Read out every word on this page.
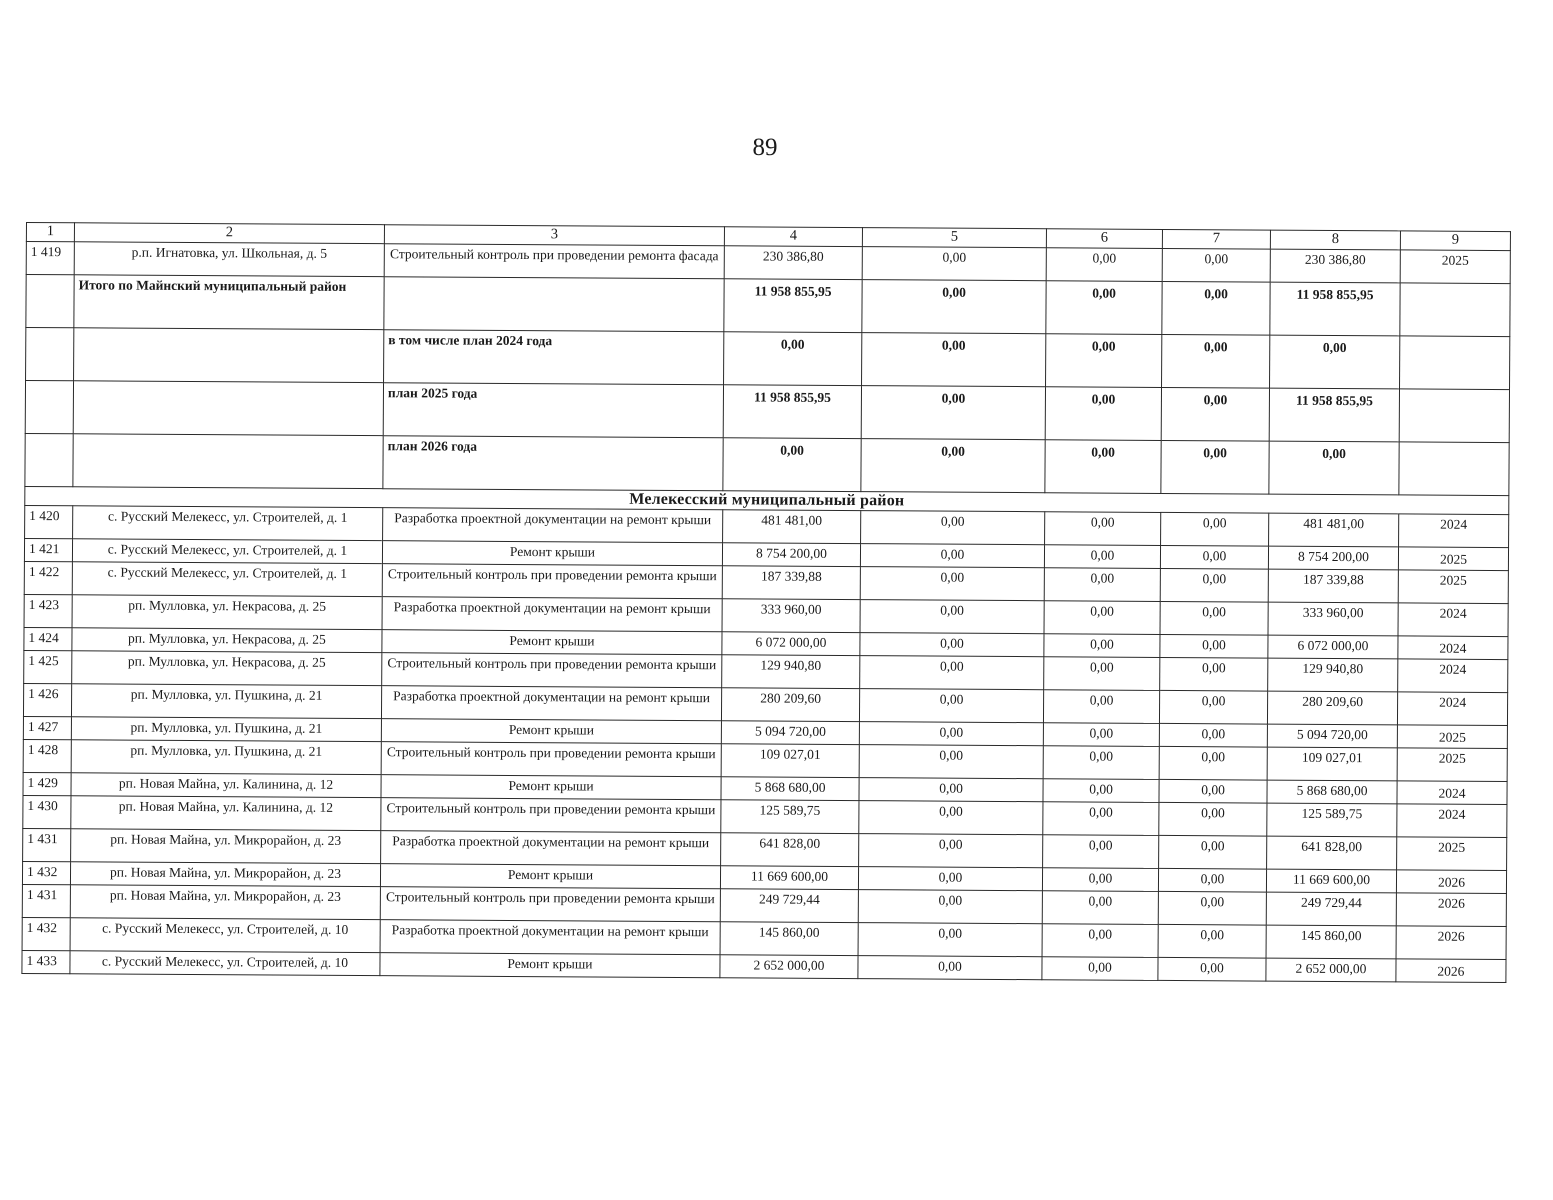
89
1	2	3	4	5	6	7	8	9
1 419	р.п. Игнатовка, ул. Школьная, д. 5	Строительный контроль при проведении ремонта фасада	230 386,80	0,00	0,00	0,00	230 386,80	2025
	Итого по Майнский муниципальный район		11 958 855,95	0,00	0,00	0,00	11 958 855,95	
		в том числе план 2024 года	0,00	0,00	0,00	0,00	0,00	
		план 2025 года	11 958 855,95	0,00	0,00	0,00	11 958 855,95	
		план 2026 года	0,00	0,00	0,00	0,00	0,00	
Мелекесский муниципальный район								
1 420	с. Русский Мелекесс, ул. Строителей, д. 1	Разработка проектной документации на ремонт крыши	481 481,00	0,00	0,00	0,00	481 481,00	2024
1 421	с. Русский Мелекесс, ул. Строителей, д. 1	Ремонт крыши	8 754 200,00	0,00	0,00	0,00	8 754 200,00	2025
1 422	с. Русский Мелекесс, ул. Строителей, д. 1	Строительный контроль при проведении ремонта крыши	187 339,88	0,00	0,00	0,00	187 339,88	2025
1 423	рп. Мулловка, ул. Некрасова, д. 25	Разработка проектной документации на ремонт крыши	333 960,00	0,00	0,00	0,00	333 960,00	2024
1 424	рп. Мулловка, ул. Некрасова, д. 25	Ремонт крыши	6 072 000,00	0,00	0,00	0,00	6 072 000,00	2024
1 425	рп. Мулловка, ул. Некрасова, д. 25	Строительный контроль при проведении ремонта крыши	129 940,80	0,00	0,00	0,00	129 940,80	2024
1 426	рп. Мулловка, ул. Пушкина, д. 21	Разработка проектной документации на ремонт крыши	280 209,60	0,00	0,00	0,00	280 209,60	2024
1 427	рп. Мулловка, ул. Пушкина, д. 21	Ремонт крыши	5 094 720,00	0,00	0,00	0,00	5 094 720,00	2025
1 428	рп. Мулловка, ул. Пушкина, д. 21	Строительный контроль при проведении ремонта крыши	109 027,01	0,00	0,00	0,00	109 027,01	2025
1 429	рп. Новая Майна, ул. Калинина, д. 12	Ремонт крыши	5 868 680,00	0,00	0,00	0,00	5 868 680,00	2024
1 430	рп. Новая Майна, ул. Калинина, д. 12	Строительный контроль при проведении ремонта крыши	125 589,75	0,00	0,00	0,00	125 589,75	2024
1 431	рп. Новая Майна, ул. Микрорайон, д. 23	Разработка проектной документации на ремонт крыши	641 828,00	0,00	0,00	0,00	641 828,00	2025
1 432	рп. Новая Майна, ул. Микрорайон, д. 23	Ремонт крыши	11 669 600,00	0,00	0,00	0,00	11 669 600,00	2026
1 431	рп. Новая Майна, ул. Микрорайон, д. 23	Строительный контроль при проведении ремонта крыши	249 729,44	0,00	0,00	0,00	249 729,44	2026
1 432	с. Русский Мелекесс, ул. Строителей, д. 10	Разработка проектной документации на ремонт крыши	145 860,00	0,00	0,00	0,00	145 860,00	2026
1 433	с. Русский Мелекесс, ул. Строителей, д. 10	Ремонт крыши	2 652 000,00	0,00	0,00	0,00	2 652 000,00	2026
